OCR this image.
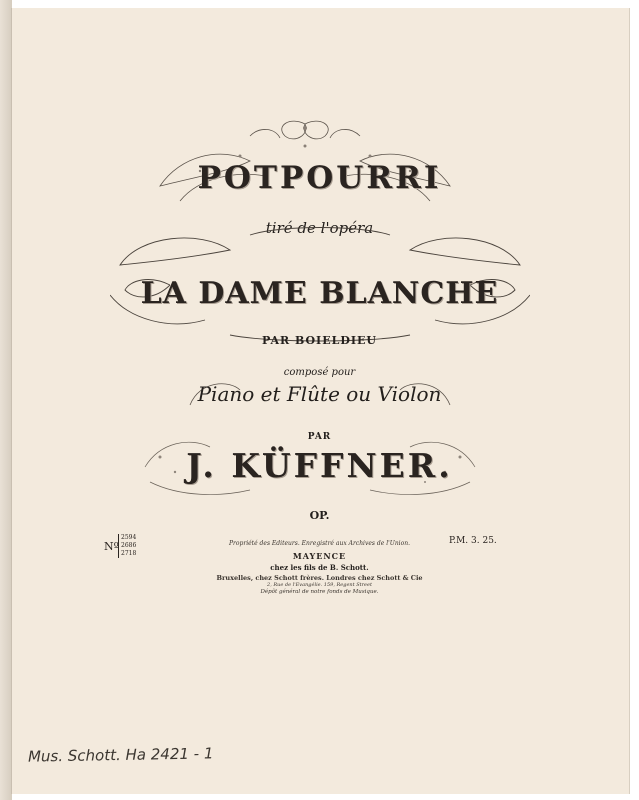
POTPOURRI
tiré de l'opéra
LA DAME BLANCHE
PAR BOIELDIEU
composé pour
Piano et Flûte ou Violon
PAR
J. KÜFFNER.
OP.
Nº
2594
2686
2718
P.M. 3. 25.
Propriété des Editeurs. Enregistré aux Archives de l'Union.
MAYENCE
chez les fils de B. Schott.
Bruxelles, chez Schott frères. Londres chez Schott & Cie
2, Rue de l'Evangélie. 159, Regent Street
Dépôt général de notre fonds de Musique.
Mus. Schott. Ha 2421 - 1
